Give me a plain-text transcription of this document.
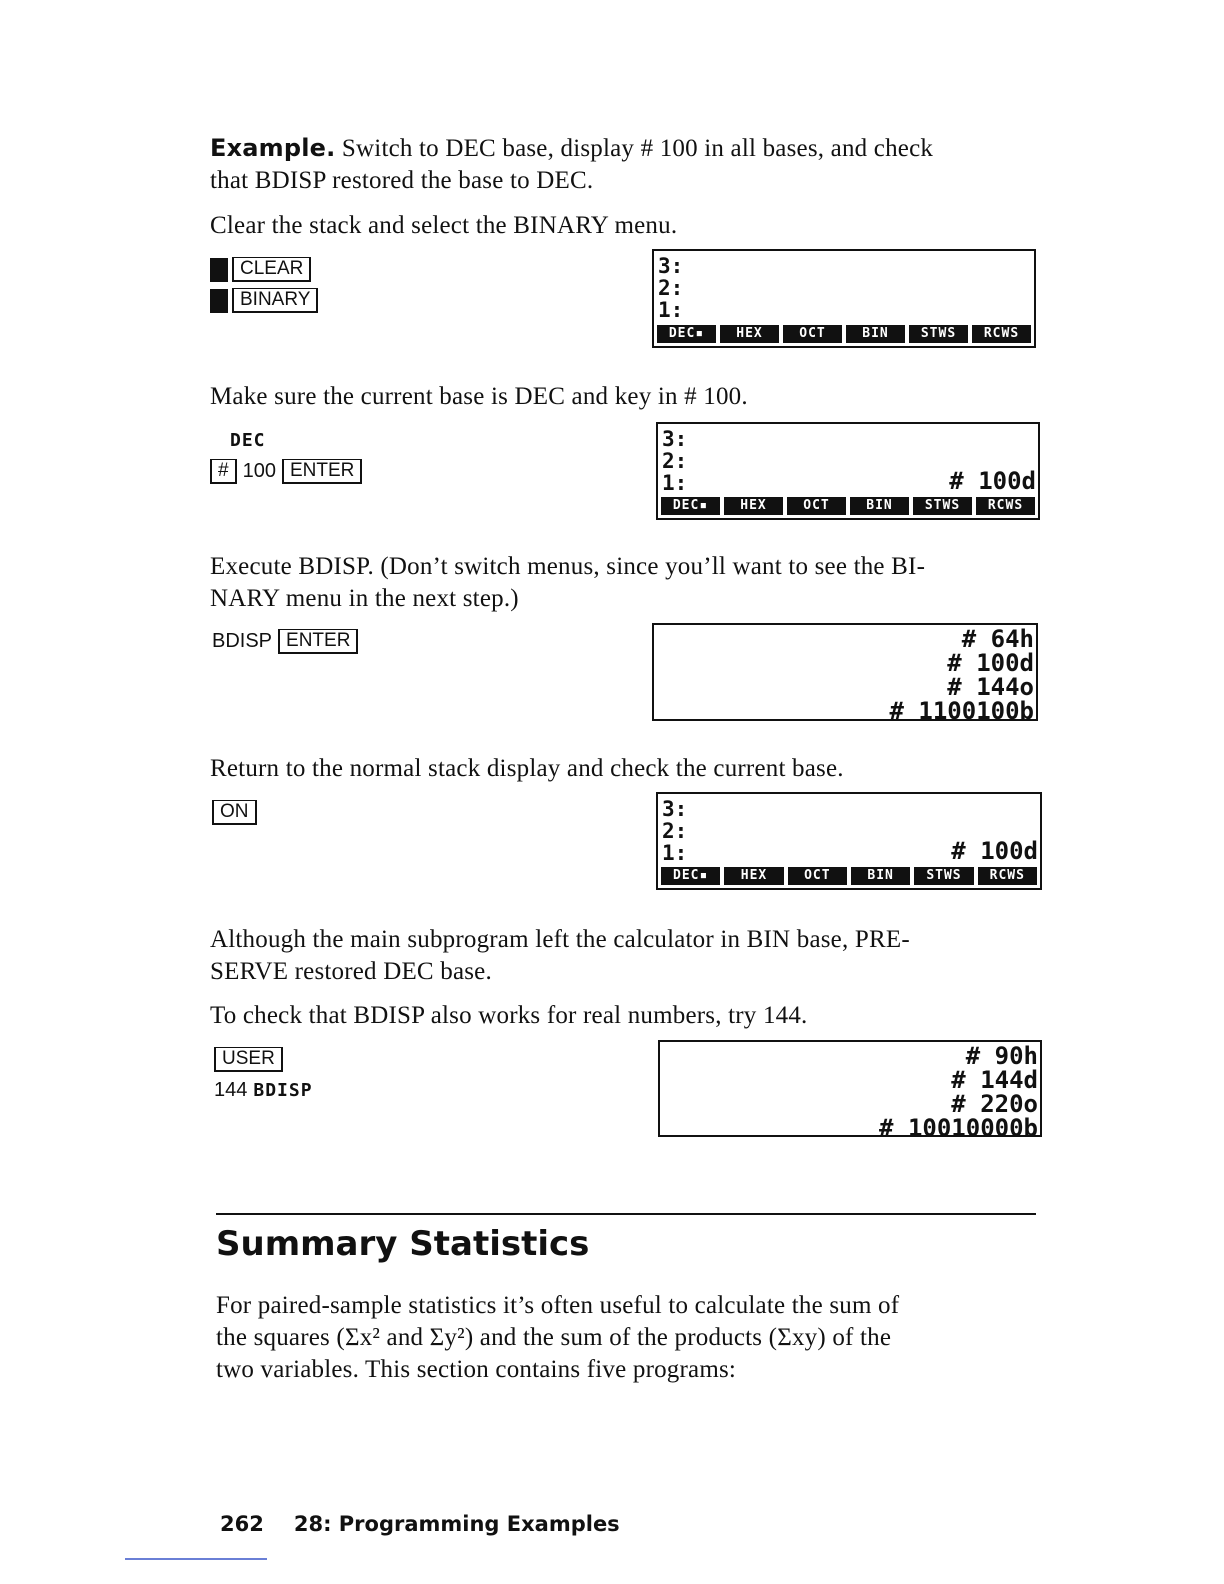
Example. Switch to DEC base, display # 100 in all bases, and check
that BDISP restored the base to DEC.

Clear the stack and select the BINARY menu.

CLEAR
BINARY
3:
2:
1:
DEC▪	HEX	OCT	BIN	STWS	RCWS

Make sure the current base is DEC and key in # 100.

DEC
# 100 ENTER
3:
2:
1:	# 100d
DEC▪	HEX	OCT	BIN	STWS	RCWS

Execute BDISP. (Don’t switch menus, since you’ll want to see the BI-
NARY menu in the next step.)

BDISP ENTER	# 64h
# 100d
# 144o
# 1100100b

Return to the normal stack display and check the current base.

ON	3:
2:
1:	# 100d
DEC▪	HEX	OCT	BIN	STWS	RCWS

Although the main subprogram left the calculator in BIN base, PRE-
SERVE restored DEC base.

To check that BDISP also works for real numbers, try 144.

USER
144 BDISP
# 90h
# 144d
# 220o
# 10010000b
Summary Statistics

For paired-sample statistics it’s often useful to calculate the sum of
the squares (Σx² and Σy²) and the sum of the products (Σxy) of the
two variables. This section contains five programs:

262 28: Programming Examples
